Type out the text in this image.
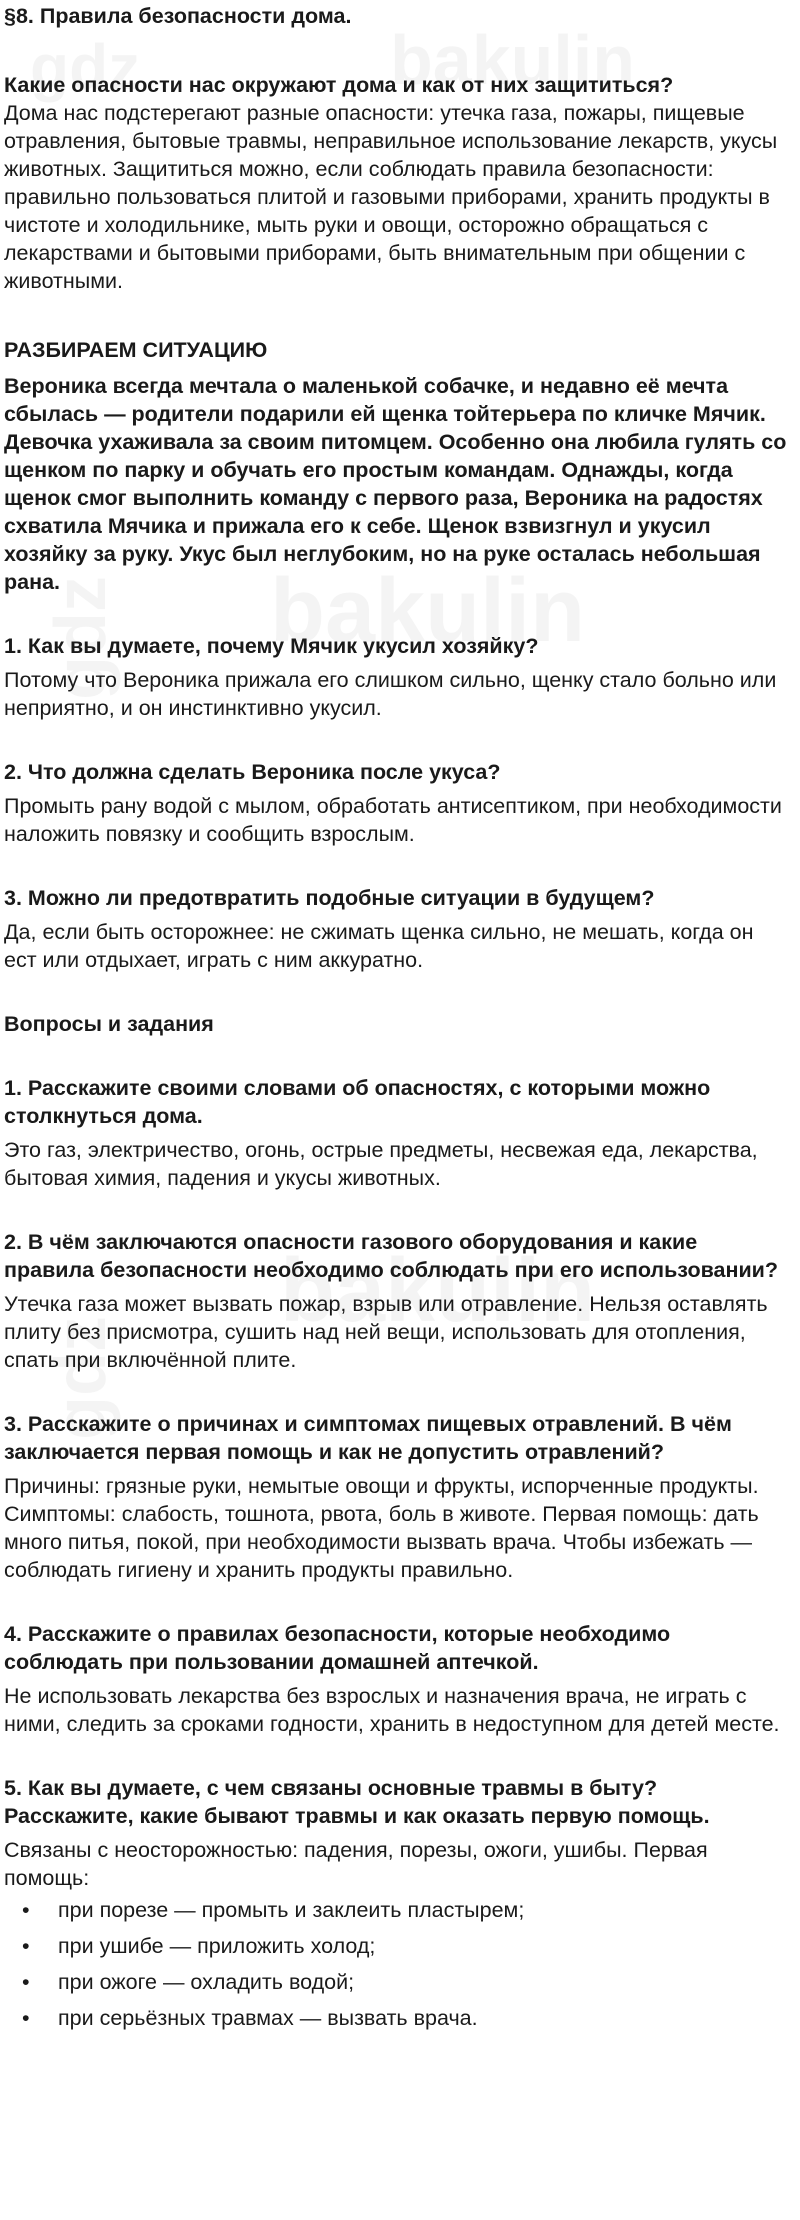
§8. Правила безопасности дома.

Какие опасности нас окружают дома и как от них защититься?

Дома нас подстерегают разные опасности: утечка газа, пожары, пищевые отравления, бытовые травмы, неправильное использование лекарств, укусы животных. Защититься можно, если соблюдать правила безопасности: правильно пользоваться плитой и газовыми приборами, хранить продукты в чистоте и холодильнике, мыть руки и овощи, осторожно обращаться с лекарствами и бытовыми приборами, быть внимательным при общении с животными.

РАЗБИРАЕМ СИТУАЦИЮ

Вероника всегда мечтала о маленькой собачке, и недавно её мечта сбылась — родители подарили ей щенка тойтерьера по кличке Мячик. Девочка ухаживала за своим питомцем. Особенно она любила гулять со щенком по парку и обучать его простым командам. Однажды, когда щенок смог выполнить команду с первого раза, Вероника на радостях схватила Мячика и прижала его к себе. Щенок взвизгнул и укусил хозяйку за руку. Укус был неглубоким, но на руке осталась небольшая рана.

1. Как вы думаете, почему Мячик укусил хозяйку?

Потому что Вероника прижала его слишком сильно, щенку стало больно или неприятно, и он инстинктивно укусил.

2. Что должна сделать Вероника после укуса?

Промыть рану водой с мылом, обработать антисептиком, при необходимости наложить повязку и сообщить взрослым.

3. Можно ли предотвратить подобные ситуации в будущем?

Да, если быть осторожнее: не сжимать щенка сильно, не мешать, когда он ест или отдыхает, играть с ним аккуратно.

Вопросы и задания

1. Расскажите своими словами об опасностях, с которыми можно столкнуться дома.

Это газ, электричество, огонь, острые предметы, несвежая еда, лекарства, бытовая химия, падения и укусы животных.

2. В чём заключаются опасности газового оборудования и какие правила безопасности необходимо соблюдать при его использовании?

Утечка газа может вызвать пожар, взрыв или отравление. Нельзя оставлять плиту без присмотра, сушить над ней вещи, использовать для отопления, спать при включённой плите.

3. Расскажите о причинах и симптомах пищевых отравлений. В чём заключается первая помощь и как не допустить отравлений?

Причины: грязные руки, немытые овощи и фрукты, испорченные продукты. Симптомы: слабость, тошнота, рвота, боль в животе. Первая помощь: дать много питья, покой, при необходимости вызвать врача. Чтобы избежать — соблюдать гигиену и хранить продукты правильно.

4. Расскажите о правилах безопасности, которые необходимо соблюдать при пользовании домашней аптечкой.

Не использовать лекарства без взрослых и назначения врача, не играть с ними, следить за сроками годности, хранить в недоступном для детей месте.

5. Как вы думаете, с чем связаны основные травмы в быту? Расскажите, какие бывают травмы и как оказать первую помощь.

Связаны с неосторожностью: падения, порезы, ожоги, ушибы. Первая помощь:

• при порезе — промыть и заклеить пластырем;
• при ушибе — приложить холод;
• при ожоге — охладить водой;
• при серьёзных травмах — вызвать врача.
